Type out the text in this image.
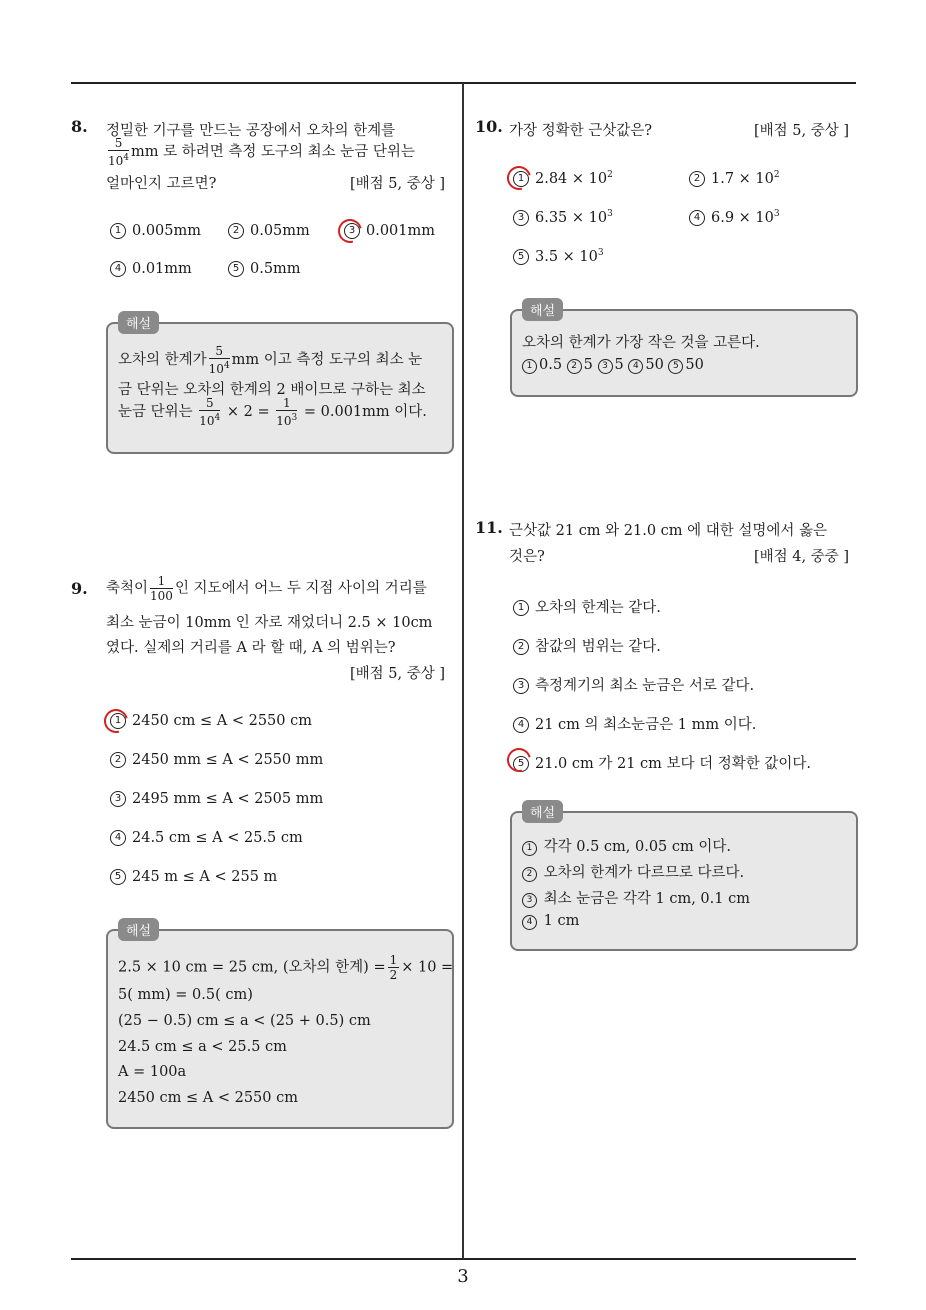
3
8. 정밀한 기구를 만드는 공장에서 오차의 한계를
$\frac{5}{10^4}$ mm 로 하려면 측정 도구의 최소 눈금 단위는
얼마인지 고르면?	[배점 5, 중상 ]
1 0.005mm	2 0.05mm	3 0.001mm
4 0.01mm	5 0.5mm
오차의 한계가 $\frac{5}{10^4}$ mm 이고 측정 도구의 최소 눈
금 단위는 오차의 한계의 2 배이므로 구하는 최소
눈금 단위는 $\frac{5}{10^4} \times 2 = \frac{1}{10^3} = 0.001mm$ 이다.
해설
9. 축척이 $\frac{1}{100}$ 인 지도에서 어느 두 지점 사이의 거리를
최소 눈금이 10mm 인 자로 재었더니 2.5 × 10cm
였다. 실제의 거리를 A 라 할 때, A 의 범위는?
[배점 5, 중상 ]
1 2450 cm ≤ A < 2550 cm
2 2450 mm ≤ A < 2550 mm
3 2495 mm ≤ A < 2505 mm
4 24.5 cm ≤ A < 25.5 cm
5 245 m ≤ A < 255 m
2.5 × 10 cm = 25 cm, (오차의 한계) = $\frac{1}{2} \times 10$ =
5( mm) = 0.5( cm)
(25 − 0.5) cm ≤ a < (25 + 0.5) cm
24.5 cm ≤ a < 25.5 cm
A = 100a
2450 cm ≤ A < 2550 cm
해설
10. 가장 정확한 근삿값은?	[배점 5, 중상 ]
1 $2.84 \times 10^2$	2 $1.7 \times 10^2$
3 $6.35 \times 10^3$	4 $6.9 \times 10^3$
5 $3.5 \times 10^3$
오차의 한계가 가장 작은 것을 고른다.
1 0.5 2 5 3 5 4 50 5 50
해설
11. 근삿값 21 cm 와 21.0 cm 에 대한 설명에서 옳은
것은?	[배점 4, 중중 ]
1 오차의 한계는 같다.
2 참값의 범위는 같다.
3 측정계기의 최소 눈금은 서로 같다.
4 21 cm 의 최소눈금은 1 mm 이다.
5 21.0 cm 가 21 cm 보다 더 정확한 값이다.
1 각각 0.5 cm, 0.05 cm 이다.
2 오차의 한계가 다르므로 다르다.
3 최소 눈금은 각각 1 cm, 0.1 cm
4 1 cm
해설
